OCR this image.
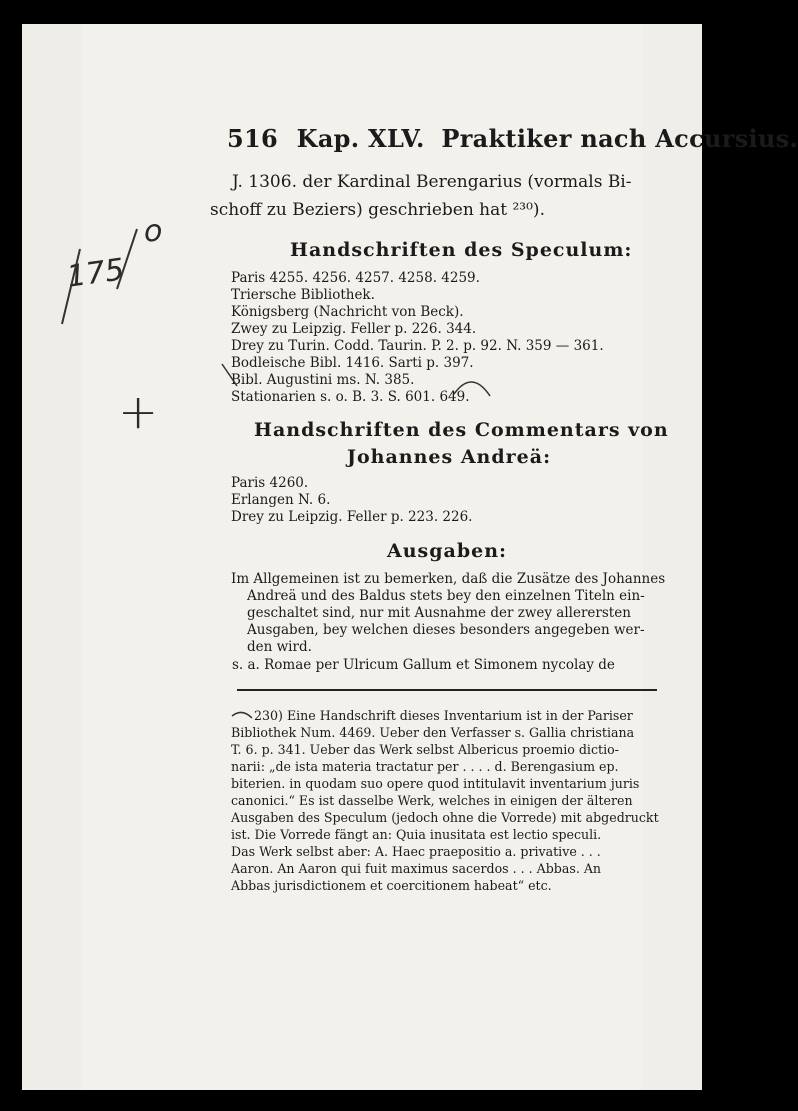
516 Kap. XLV. Praktiker nach Accursius.
J. 1306. der Kardinal Berengarius (vormals Bi-
schoff zu Beziers) geschrieben hat ²³⁰).
Handschriften des Speculum:
Paris 4255. 4256. 4257. 4258. 4259.
Triersche Bibliothek.
Königsberg (Nachricht von Beck).
Zwey zu Leipzig. Feller p. 226. 344.
Drey zu Turin. Codd. Taurin. P. 2. p. 92. N. 359 — 361.
Bodleische Bibl. 1416. Sarti p. 397.
Bibl. Augustini ms. N. 385.
Stationarien s. o. B. 3. S. 601. 649.
Handschriften des Commentars von
Johannes Andreä:
Paris 4260.
Erlangen N. 6.
Drey zu Leipzig. Feller p. 223. 226.
Ausgaben:
Im Allgemeinen ist zu bemerken, daß die Zusätze des Johannes
Andreä und des Baldus stets bey den einzelnen Titeln ein-
geschaltet sind, nur mit Ausnahme der zwey allerersten
Ausgaben, bey welchen dieses besonders angegeben wer-
den wird.
s. a. Romae per Ulricum Gallum et Simonem nycolay de
230) Eine Handschrift dieses Inventarium ist in der Pariser
Bibliothek Num. 4469. Ueber den Verfasser s. Gallia christiana
T. 6. p. 341. Ueber das Werk selbst Albericus proemio dictio-
narii: „de ista materia tractatur per . . . . d. Berengasium ep.
biterien. in quodam suo opere quod intitulavit inventarium juris
canonici.“ Es ist dasselbe Werk, welches in einigen der älteren
Ausgaben des Speculum (jedoch ohne die Vorrede) mit abgedruckt
ist. Die Vorrede fängt an: Quia inusitata est lectio speculi.
Das Werk selbst aber: A. Haec praepositio a. privative . . .
Aaron. An Aaron qui fuit maximus sacerdos . . . Abbas. An
Abbas jurisdictionem et coercitionem habeat“ etc.
175
o
+
